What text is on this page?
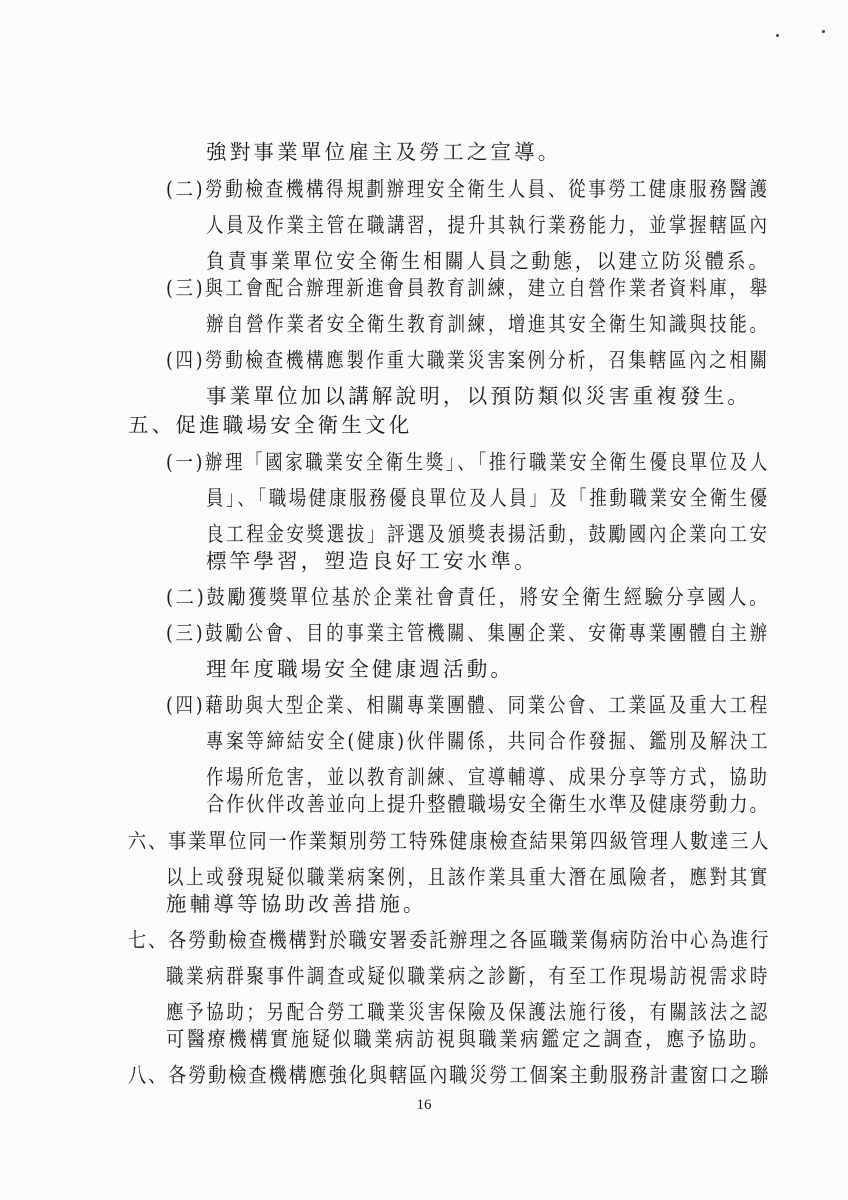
強對事業單位雇主及勞工之宣導。
(二)勞動檢查機構得規劃辦理安全衛生人員、從事勞工健康服務醫護
人員及作業主管在職講習，提升其執行業務能力，並掌握轄區內
負責事業單位安全衛生相關人員之動態，以建立防災體系。
(三)與工會配合辦理新進會員教育訓練，建立自營作業者資料庫，舉
辦自營作業者安全衛生教育訓練，增進其安全衛生知識與技能。
(四)勞動檢查機構應製作重大職業災害案例分析，召集轄區內之相關
事業單位加以講解說明，以預防類似災害重複發生。
五、促進職場安全衛生文化
(一)辦理「國家職業安全衛生獎」、「推行職業安全衛生優良單位及人
員」、「職場健康服務優良單位及人員」及「推動職業安全衛生優
良工程金安獎選拔」評選及頒獎表揚活動，鼓勵國內企業向工安
標竿學習，塑造良好工安水準。
(二)鼓勵獲獎單位基於企業社會責任，將安全衛生經驗分享國人。
(三)鼓勵公會、目的事業主管機關、集團企業、安衛專業團體自主辦
理年度職場安全健康週活動。
(四)藉助與大型企業、相關專業團體、同業公會、工業區及重大工程
專案等締結安全(健康)伙伴關係，共同合作發掘、鑑別及解決工
作場所危害，並以教育訓練、宣導輔導、成果分享等方式，協助
合作伙伴改善並向上提升整體職場安全衛生水準及健康勞動力。
六、事業單位同一作業類別勞工特殊健康檢查結果第四級管理人數達三人
以上或發現疑似職業病案例，且該作業具重大潛在風險者，應對其實
施輔導等協助改善措施。
七、各勞動檢查機構對於職安署委託辦理之各區職業傷病防治中心為進行
職業病群聚事件調查或疑似職業病之診斷，有至工作現場訪視需求時
應予協助；另配合勞工職業災害保險及保護法施行後，有關該法之認
可醫療機構實施疑似職業病訪視與職業病鑑定之調查，應予協助。
八、各勞動檢查機構應強化與轄區內職災勞工個案主動服務計畫窗口之聯
16
